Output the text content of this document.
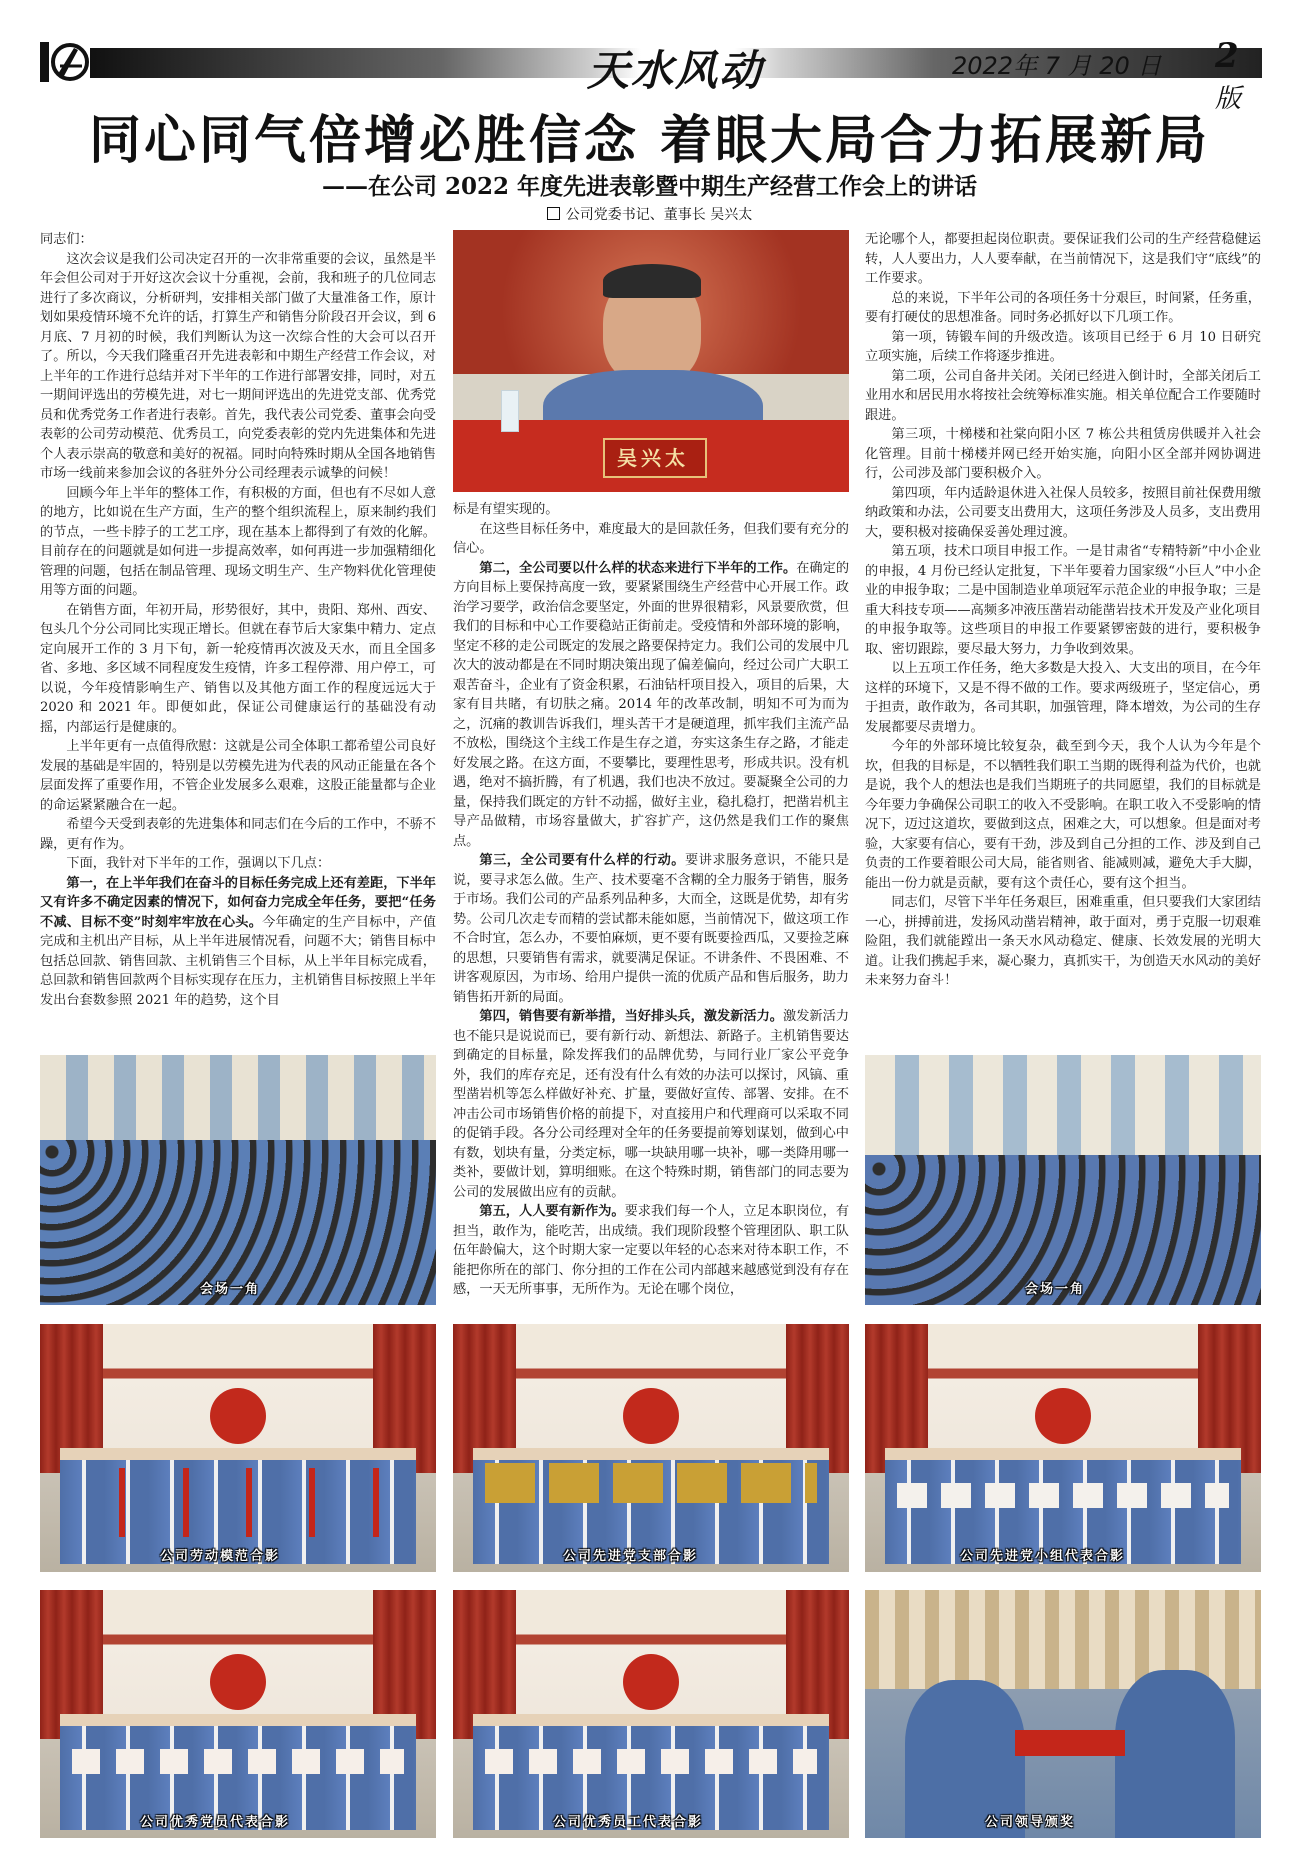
天水风动	2022年 7 月 20 日 2版
同心同气倍增必胜信念 着眼大局合力拓展新局
——在公司 2022 年度先进表彰暨中期生产经营工作会上的讲话
公司党委书记、董事长 吴兴太

同志们：

这次会议是我们公司决定召开的一次非常重要的会议，虽然是半年会但公司对于开好这次会议十分重视，会前，我和班子的几位同志进行了多次商议，分析研判，安排相关部门做了大量准备工作，原计划如果疫情环境不允许的话，打算生产和销售分阶段召开会议，到 6 月底、7 月初的时候，我们判断认为这一次综合性的大会可以召开了。所以，今天我们隆重召开先进表彰和中期生产经营工作会议，对上半年的工作进行总结并对下半年的工作进行部署安排，同时，对五一期间评选出的劳模先进，对七一期间评选出的先进党支部、优秀党员和优秀党务工作者进行表彰。首先，我代表公司党委、董事会向受表彰的公司劳动模范、优秀员工，向党委表彰的党内先进集体和先进个人表示崇高的敬意和美好的祝福。同时向特殊时期从全国各地销售市场一线前来参加会议的各驻外分公司经理表示诚挚的问候！

回顾今年上半年的整体工作，有积极的方面，但也有不尽如人意的地方，比如说在生产方面，生产的整个组织流程上，原来制约我们的节点，一些卡脖子的工艺工序，现在基本上都得到了有效的化解。目前存在的问题就是如何进一步提高效率，如何再进一步加强精细化管理的问题，包括在制品管理、现场文明生产、生产物料优化管理使用等方面的问题。

在销售方面，年初开局，形势很好，其中，贵阳、郑州、西安、包头几个分公司同比实现正增长。但就在春节后大家集中精力、定点定向展开工作的 3 月下旬，新一轮疫情再次波及天水，而且全国多省、多地、多区域不同程度发生疫情，许多工程停滞、用户停工，可以说，今年疫情影响生产、销售以及其他方面工作的程度远远大于 2020 和 2021 年。即便如此，保证公司健康运行的基础没有动摇，内部运行是健康的。

上半年更有一点值得欣慰：这就是公司全体职工都希望公司良好发展的基础是牢固的，特别是以劳模先进为代表的风动正能量在各个层面发挥了重要作用，不管企业发展多么艰难，这股正能量都与企业的命运紧紧融合在一起。

希望今天受到表彰的先进集体和同志们在今后的工作中，不骄不躁，更有作为。

下面，我针对下半年的工作，强调以下几点：

第一，在上半年我们在奋斗的目标任务完成上还有差距，下半年又有许多不确定因素的情况下，如何奋力完成全年任务，要把“任务不减、目标不变”时刻牢牢放在心头。今年确定的生产目标中，产值完成和主机出产目标，从上半年进展情况看，问题不大；销售目标中包括总回款、销售回款、主机销售三个目标，从上半年目标完成看，总回款和销售回款两个目标实现存在压力，主机销售目标按照上半年发出台套数参照 2021 年的趋势，这个目

标是有望实现的。

在这些目标任务中，难度最大的是回款任务，但我们要有充分的信心。

第二，全公司要以什么样的状态来进行下半年的工作。在确定的方向目标上要保持高度一致，要紧紧围绕生产经营中心开展工作。政治学习要学，政治信念要坚定，外面的世界很精彩，风景要欣赏，但我们的目标和中心工作要稳站正街前走。受疫情和外部环境的影响，坚定不移的走公司既定的发展之路要保持定力。我们公司的发展中几次大的波动都是在不同时期决策出现了偏差偏向，经过公司广大职工艰苦奋斗，企业有了资金积累，石油钻杆项目投入，项目的后果，大家有目共睹，有切肤之痛。2014 年的改革改制，明知不可为而为之，沉痛的教训告诉我们，埋头苦干才是硬道理，抓牢我们主流产品不放松，围绕这个主线工作是生存之道，夯实这条生存之路，才能走好发展之路。在这方面，不要攀比，要理性思考，形成共识。没有机遇，绝对不搞折腾，有了机遇，我们也决不放过。要凝聚全公司的力量，保持我们既定的方针不动摇，做好主业，稳扎稳打，把凿岩机主导产品做精，市场容量做大，扩容扩产，这仍然是我们工作的聚焦点。

第三，全公司要有什么样的行动。要讲求服务意识，不能只是说，要寻求怎么做。生产、技术要毫不含糊的全力服务于销售，服务于市场。我们公司的产品系列品种多，大而全，这既是优势，却有劣势。公司几次走专而精的尝试都未能如愿，当前情况下，做这项工作不合时宜，怎么办，不要怕麻烦，更不要有既要捡西瓜，又要捡芝麻的思想，只要销售有需求，就要满足保证。不讲条件、不畏困难、不讲客观原因，为市场、给用户提供一流的优质产品和售后服务，助力销售拓开新的局面。

第四，销售要有新举措，当好排头兵，激发新活力。激发新活力也不能只是说说而已，要有新行动、新想法、新路子。主机销售要达到确定的目标量，除发挥我们的品牌优势，与同行业厂家公平竞争外，我们的库存充足，还有没有什么有效的办法可以探讨，风镐、重型凿岩机等怎么样做好补充、扩量，要做好宣传、部署、安排。在不冲击公司市场销售价格的前提下，对直接用户和代理商可以采取不同的促销手段。各分公司经理对全年的任务要提前筹划谋划，做到心中有数，划块有量，分类定标，哪一块缺用哪一块补，哪一类降用哪一类补，要做计划，算明细账。在这个特殊时期，销售部门的同志要为公司的发展做出应有的贡献。

第五，人人要有新作为。要求我们每一个人，立足本职岗位，有担当，敢作为，能吃苦，出成绩。我们现阶段整个管理团队、职工队伍年龄偏大，这个时期大家一定要以年轻的心态来对待本职工作，不能把你所在的部门、你分担的工作在公司内部越来越感觉到没有存在感，一天无所事事，无所作为。无论在哪个岗位，

无论哪个人，都要担起岗位职责。要保证我们公司的生产经营稳健运转，人人要出力，人人要奉献，在当前情况下，这是我们守“底线”的工作要求。

总的来说，下半年公司的各项任务十分艰巨，时间紧，任务重，要有打硬仗的思想准备。同时务必抓好以下几项工作。

第一项，铸锻车间的升级改造。该项目已经于 6 月 10 日研究立项实施，后续工作将逐步推进。

第二项，公司自备井关闭。关闭已经进入倒计时，全部关闭后工业用水和居民用水将按社会统筹标准实施。相关单位配合工作要随时跟进。

第三项，十梯楼和社棠向阳小区 7 栋公共租赁房供暖并入社会化管理。目前十梯楼并网已经开始实施，向阳小区全部并网协调进行，公司涉及部门要积极介入。

第四项，年内适龄退休进入社保人员较多，按照目前社保费用缴纳政策和办法，公司要支出费用大，这项任务涉及人员多，支出费用大，要积极对接确保妥善处理过渡。

第五项，技术口项目申报工作。一是甘肃省“专精特新”中小企业的申报，4 月份已经认定批复，下半年要着力国家级“小巨人”中小企业的申报争取；二是中国制造业单项冠军示范企业的申报争取；三是重大科技专项——高频多冲液压凿岩动能凿岩技术开发及产业化项目的申报争取等。这些项目的申报工作要紧锣密鼓的进行，要积极争取、密切跟踪，要尽最大努力，力争收到效果。

以上五项工作任务，绝大多数是大投入、大支出的项目，在今年这样的环境下，又是不得不做的工作。要求两级班子，坚定信心，勇于担责，敢作敢为，各司其职，加强管理，降本增效，为公司的生存发展都要尽责增力。

今年的外部环境比较复杂，截至到今天，我个人认为今年是个坎，但我的目标是，不以牺牲我们职工当期的既得利益为代价，也就是说，我个人的想法也是我们当期班子的共同愿望，我们的目标就是今年要力争确保公司职工的收入不受影响。在职工收入不受影响的情况下，迈过这道坎，要做到这点，困难之大，可以想象。但是面对考验，大家要有信心，要有干劲，涉及到自己分担的工作、涉及到自己负责的工作要着眼公司大局，能省则省、能减则减，避免大手大脚，能出一份力就是贡献，要有这个责任心，要有这个担当。

同志们，尽管下半年任务艰巨，困难重重，但只要我们大家团结一心，拼搏前进，发扬风动凿岩精神，敢于面对，勇于克服一切艰难险阻，我们就能蹚出一条天水风动稳定、健康、长效发展的光明大道。让我们携起手来，凝心聚力，真抓实干，为创造天水风动的美好未来努力奋斗！

吴兴太
会场一角	会场一角
公司劳动模范合影	公司先进党支部合影	公司先进党小组代表合影
公司优秀党员代表合影	公司优秀员工代表合影	公司领导颁奖
